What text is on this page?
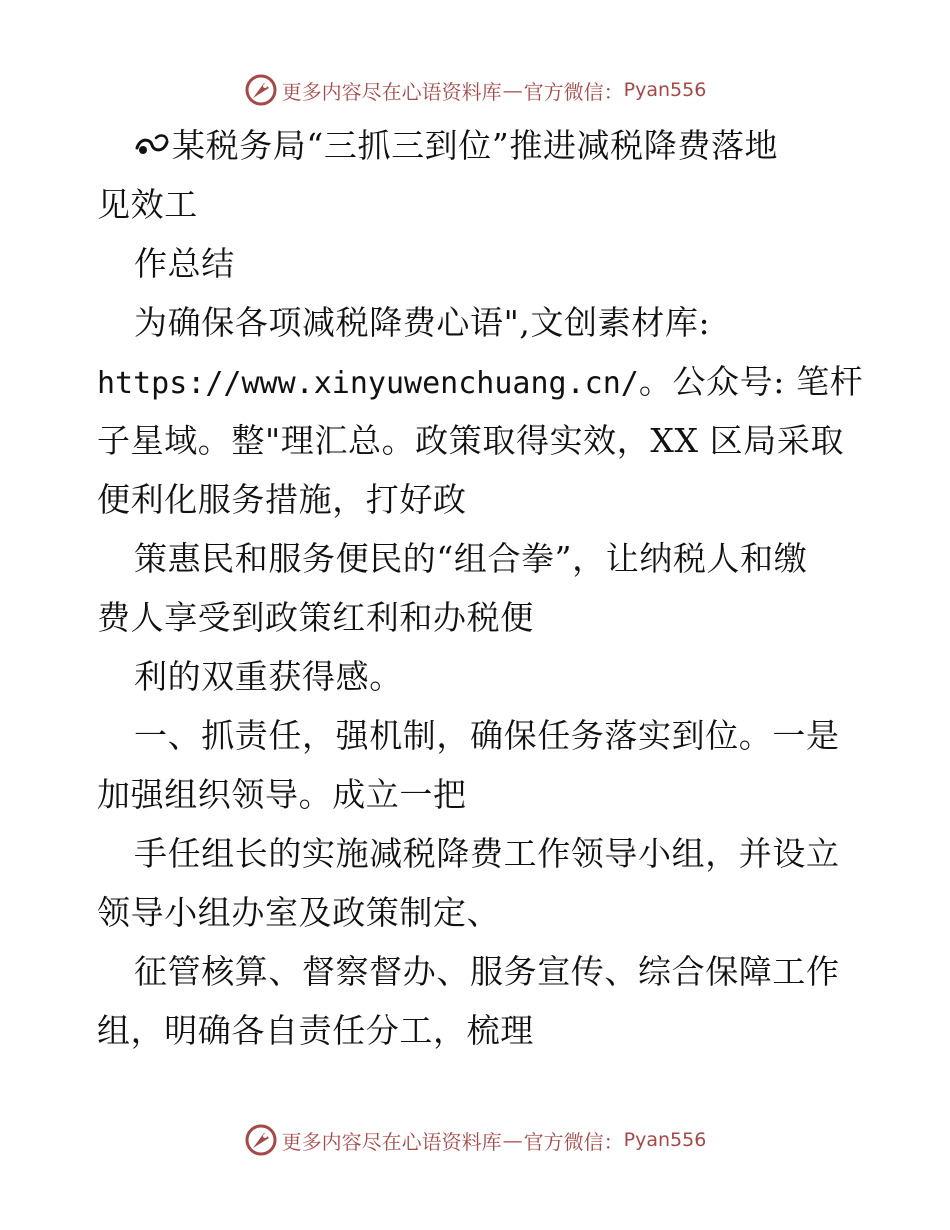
更多内容尽在心语资料库 — 官方微信： Pyan556
某税务局“三抓三到位”推进减税降费落地
见效工
作总结
为确保各项减税降费心语",文创素材库:
https://www.xinyuwenchuang.cn/。公众号: 笔杆
子星域。整"理汇总。政策取得实效，XX 区局采取
便利化服务措施，打好政
策惠民和服务便民的“组合拳”，让纳税人和缴
费人享受到政策红利和办税便
利的双重获得感。
一、抓责任，强机制，确保任务落实到位。一是
加强组织领导。成立一把
手任组长的实施减税降费工作领导小组，并设立
领导小组办室及政策制定、
征管核算、督察督办、服务宣传、综合保障工作
组，明确各自责任分工，梳理
更多内容尽在心语资料库 — 官方微信： Pyan556
